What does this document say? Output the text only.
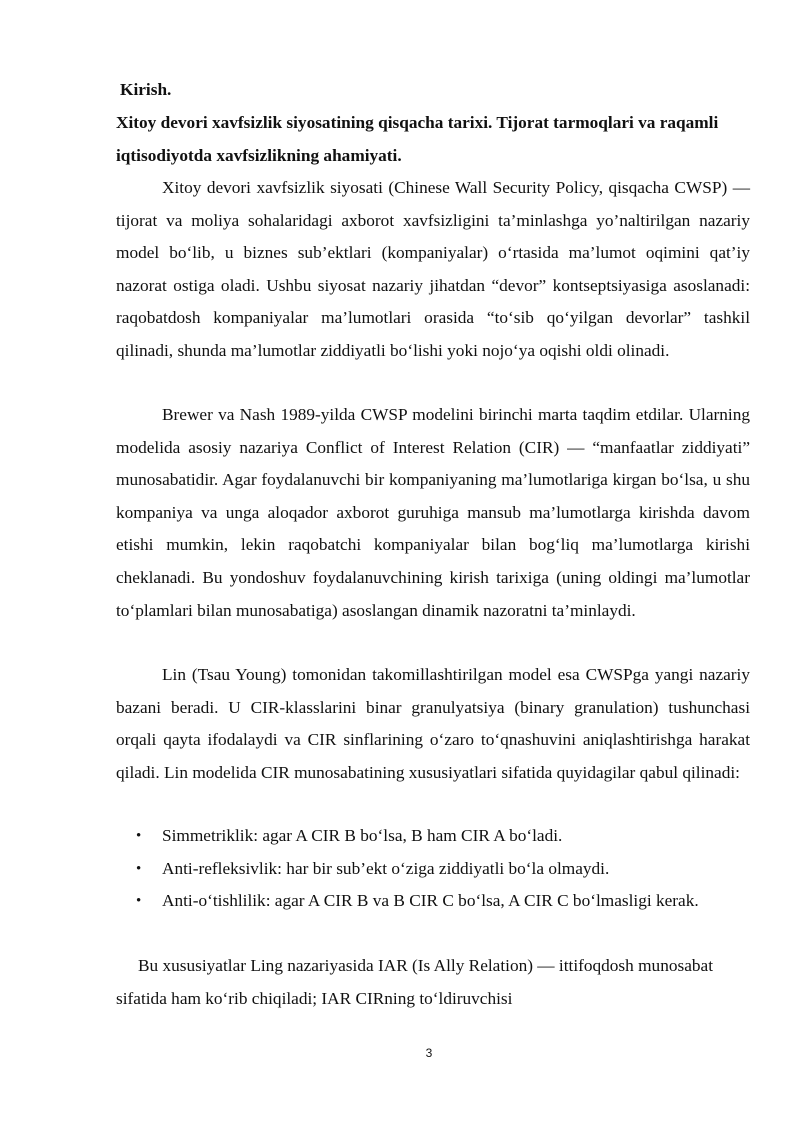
Kirish.

Xitoy devori xavfsizlik siyosatining qisqacha tarixi. Tijorat tarmoqlari va raqamli iqtisodiyotda xavfsizlikning ahamiyati.

Xitoy devori xavfsizlik siyosati (Chinese Wall Security Policy, qisqacha CWSP) — tijorat va moliya sohalaridagi axborot xavfsizligini ta’minlashga yo’naltirilgan nazariy model bo‘lib, u biznes sub’ektlari (kompaniyalar) o‘rtasida ma’lumot oqimini qat’iy nazorat ostiga oladi. Ushbu siyosat nazariy jihatdan “devor” kontseptsiyasiga asoslanadi: raqobatdosh kompaniyalar ma’lumotlari orasida “to‘sib qo‘yilgan devorlar” tashkil qilinadi, shunda ma’lumotlar ziddiyatli bo‘lishi yoki nojo‘ya oqishi oldi olinadi.

Brewer va Nash 1989-yilda CWSP modelini birinchi marta taqdim etdilar. Ularning modelida asosiy nazariya Conflict of Interest Relation (CIR) — “manfaatlar ziddiyati” munosabatidir. Agar foydalanuvchi bir kompaniyaning ma’lumotlariga kirgan bo‘lsa, u shu kompaniya va unga aloqador axborot guruhiga mansub ma’lumotlarga kirishda davom etishi mumkin, lekin raqobatchi kompaniyalar bilan bog‘liq ma’lumotlarga kirishi cheklanadi. Bu yondoshuv foydalanuvchining kirish tarixiga (uning oldingi ma’lumotlar to‘plamlari bilan munosabatiga) asoslangan dinamik nazoratni ta’minlaydi.

Lin (Tsau Young) tomonidan takomillashtirilgan model esa CWSPga yangi nazariy bazani beradi. U CIR-klasslarini binar granulyatsiya (binary granulation) tushunchasi orqali qayta ifodalaydi va CIR sinflarining o‘zaro to‘qnashuvini aniqlashtirishga harakat qiladi. Lin modelida CIR munosabatining xususiyatlari sifatida quyidagilar qabul qilinadi:

• Simmetriklik: agar A CIR B bo‘lsa, B ham CIR A bo‘ladi.
• Anti-refleksivlik: har bir sub’ekt o‘ziga ziddiyatli bo‘la olmaydi.
• Anti-o‘tishlilik: agar A CIR B va B CIR C bo‘lsa, A CIR C bo‘lmasligi kerak.

Bu xususiyatlar Ling nazariyasida IAR (Is Ally Relation) — ittifoqdosh munosabat sifatida ham ko‘rib chiqiladi; IAR CIRning to‘ldiruvchisi

3
